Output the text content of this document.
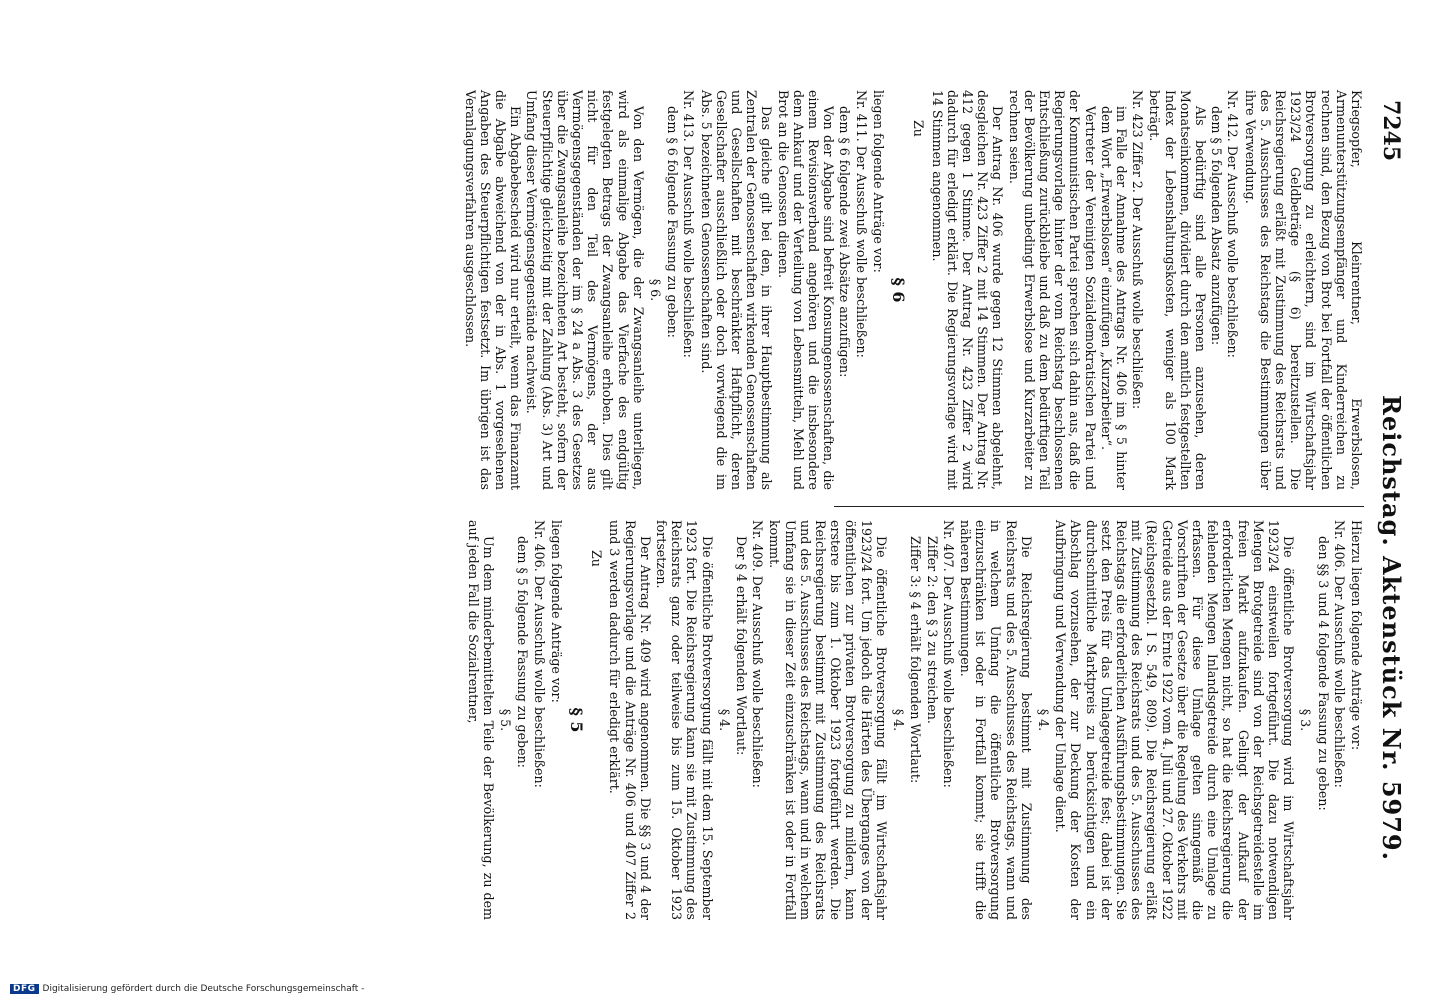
7245
Reichstag. Aktenstück Nr. 5979.

Kriegsopfer, Kleinrentner, Erwerbslosen, Armenunterstützungsempfänger und Kinderreichen zu rechnen sind, den Bezug von Brot bei Fortfall der öffentlichen Brotversorgung zu erleichtern, sind im Wirtschaftsjahr 1923/24 Geldbeträge (§ 6) bereitzustellen. Die Reichsregierung erläßt mit Zustimmung des Reichsrats und des 5. Ausschusses des Reichstags die Bestimmungen über ihre Verwendung.

Nr. 412. Der Ausschuß wolle beschließen:

dem § 5 folgenden Absatz anzufügen:

Als bedürftig sind alle Personen anzusehen, deren Monatseinkommen, dividiert durch den amtlich festgestellten Index der Lebenshaltungskosten, weniger als 100 Mark beträgt.

Nr. 423 Ziffer 2. Der Ausschuß wolle beschließen:

im Falle der Annahme des Antrags Nr. 406 im § 5 hinter dem Wort „Erwerbslosen“ einzufügen „Kurzarbeiter“.

Vertreter der Vereinigten Sozialdemokratischen Partei und der Kommunistischen Partei sprechen sich dahin aus, daß die Regierungsvorlage hinter der vom Reichstag beschlossenen Entschließung zurückbleibe und daß zu dem bedürftigen Teil der Bevölkerung unbedingt Erwerbslose und Kurzarbeiter zu rechnen seien.

Der Antrag Nr. 406 wurde gegen 12 Stimmen abgelehnt, desgleichen Nr. 423 Ziffer 2 mit 14 Stimmen. Der Antrag Nr. 412 gegen 1 Stimme. Der Antrag Nr. 423 Ziffer 2 wird dadurch für erledigt erklärt. Die Regierungsvorlage wird mit 14 Stimmen angenommen.

Zu

§ 6

liegen folgende Anträge vor:

Nr. 411. Der Ausschuß wolle beschließen:

dem § 6 folgende zwei Absätze anzufügen:

Von der Abgabe sind befreit Konsumgenossenschaften, die einem Revisionsverband angehören und die insbesondere dem Ankauf und der Verteilung von Lebensmitteln, Mehl und Brot an die Genossen dienen.

Das gleiche gilt bei den, in ihrer Hauptbestimmung als Zentralen der Genossenschaften wirkenden Genossenschaften und Gesellschaften mit beschränkter Haftpflicht, deren Gesellschafter ausschließlich oder doch vorwiegend die im Abs. 5 bezeichneten Genossenschaften sind.

Nr. 413. Der Ausschuß wolle beschließen:

dem § 6 folgende Fassung zu geben:

§ 6.

Von den Vermögen, die der Zwangsanleihe unterliegen, wird als einmalige Abgabe das Vierfache des endgültig festgelegten Betrags der Zwangsanleihe erhoben. Dies gilt nicht für den Teil des Vermögens, der aus Vermögensgegenständen der im § 24 a Abs. 3 des Gesetzes über die Zwangsanleihe bezeichneten Art besteht, sofern der Steuerpflichtige gleichzeitig mit der Zahlung (Abs. 3) Art und Umfang dieser Vermögensgegenstände nachweist.

Ein Abgabebescheid wird nur erteilt, wenn das Finanzamt die Abgabe abweichend von der in Abs. 1 vorgesehenen Angaben des Steuerpflichtigen festsetzt. Im übrigen ist das Veranlagungsverfahren ausgeschlossen.

Hierzu liegen folgende Anträge vor:

Nr. 406. Der Ausschuß wolle beschließen:

den §§ 3 und 4 folgende Fassung zu geben:

§ 3.

Die öffentliche Brotversorgung wird im Wirtschaftsjahr 1923/24 einstweilen fortgeführt. Die dazu notwendigen Mengen Brotgetreide sind von der Reichsgetreidestelle im freien Markt aufzukaufen. Gelingt der Aufkauf der erforderlichen Mengen nicht, so hat die Reichsregierung die fehlenden Mengen Inlandsgetreide durch eine Umlage zu erfassen. Für diese Umlage gelten sinngemäß die Vorschriften der Gesetze über die Regelung des Verkehrs mit Getreide aus der Ernte 1922 vom 4. Juli und 27. Oktober 1922 (Reichsgesetzbl. I S. 549, 809). Die Reichsregierung erläßt mit Zustimmung des Reichsrats und des 5. Ausschusses des Reichstags die erforderlichen Ausführungsbestimmungen. Sie setzt den Preis für das Umlagegetreide fest; dabei ist der durchschnittliche Marktpreis zu berücksichtigen und ein Abschlag vorzusehen, der zur Deckung der Kosten der Aufbringung und Verwendung der Umlage dient.

§ 4.

Die Reichsregierung bestimmt mit Zustimmung des Reichsrats und des 5. Ausschusses des Reichstags, wann und in welchem Umfang die öffentliche Brotversorgung einzuschränken ist oder in Fortfall kommt; sie trifft die näheren Bestimmungen.

Nr. 407. Der Ausschuß wolle beschließen:

Ziffer 2: den § 3 zu streichen.

Ziffer 3: § 4 erhält folgenden Wortlaut:

§ 4.

Die öffentliche Brotversorgung fällt im Wirtschaftsjahr 1923/24 fort. Um jedoch die Härten des Überganges von der öffentlichen zur privaten Brotversorgung zu mildern, kann erstere bis zum 1. Oktober 1923 fortgeführt werden. Die Reichsregierung bestimmt mit Zustimmung des Reichsrats und des 5. Ausschusses des Reichstags, wann und in welchem Umfang sie in dieser Zeit einzuschränken ist oder in Fortfall kommt.

Nr. 409. Der Ausschuß wolle beschließen:

Der § 4 erhält folgenden Wortlaut:

§ 4.

Die öffentliche Brotversorgung fällt mit dem 15. September 1923 fort. Die Reichsregierung kann sie mit Zustimmung des Reichsrats ganz oder teilweise bis zum 15. Oktober 1923 fortsetzen.

Der Antrag Nr. 409 wird angenommen. Die §§ 3 und 4 der Regierungsvorlage und die Anträge Nr. 406 und 407 Ziffer 2 und 3 werden dadurch für erledigt erklärt.

Zu

§ 5

liegen folgende Anträge vor:

Nr. 406. Der Ausschuß wolle beschließen:

dem § 5 folgende Fassung zu geben:

§ 5.

Um dem minderbemittelten Teile der Bevölkerung, zu dem auf jeden Fall die Sozialrentner,

DFG Digitalisierung gefördert durch die Deutsche Forschungsgemeinschaft -
